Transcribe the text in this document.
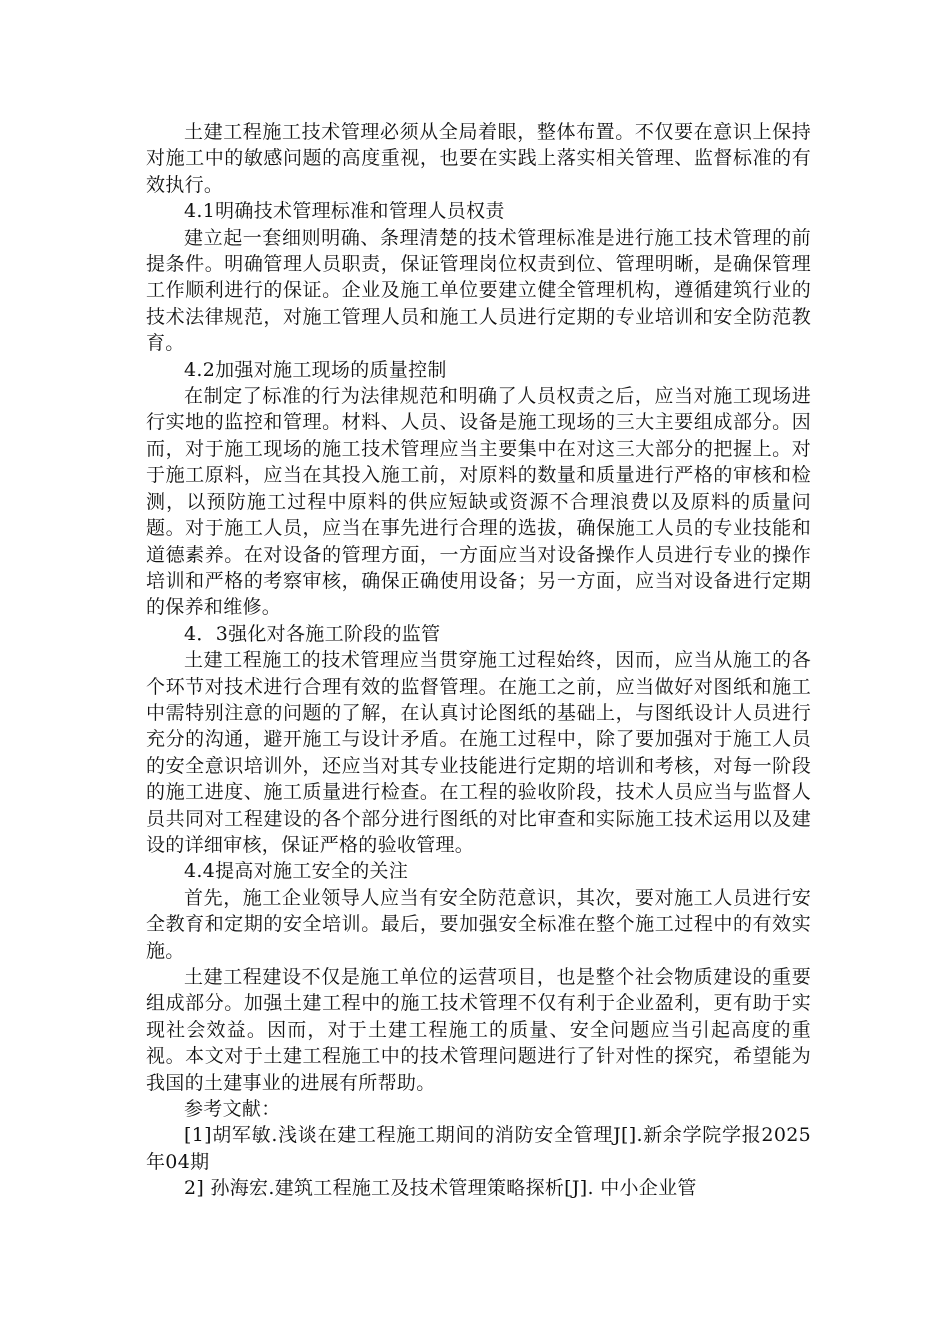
土建工程施工技术管理必须从全局着眼，整体布置。不仅要在意识上保持对施工中的敏感问题的高度重视，也要在实践上落实相关管理、监督标准的有效执行。

4.1明确技术管理标准和管理人员权责

建立起一套细则明确、条理清楚的技术管理标准是进行施工技术管理的前提条件。明确管理人员职责，保证管理岗位权责到位、管理明晰，是确保管理工作顺利进行的保证。企业及施工单位要建立健全管理机构，遵循建筑行业的技术法律规范，对施工管理人员和施工人员进行定期的专业培训和安全防范教育。

4.2加强对施工现场的质量控制

在制定了标准的行为法律规范和明确了人员权责之后，应当对施工现场进行实地的监控和管理。材料、人员、设备是施工现场的三大主要组成部分。因而，对于施工现场的施工技术管理应当主要集中在对这三大部分的把握上。对于施工原料，应当在其投入施工前，对原料的数量和质量进行严格的审核和检测，以预防施工过程中原料的供应短缺或资源不合理浪费以及原料的质量问题。对于施工人员，应当在事先进行合理的选拔，确保施工人员的专业技能和道德素养。在对设备的管理方面，一方面应当对设备操作人员进行专业的操作培训和严格的考察审核，确保正确使用设备；另一方面，应当对设备进行定期的保养和维修。

4．3强化对各施工阶段的监管

土建工程施工的技术管理应当贯穿施工过程始终，因而，应当从施工的各个环节对技术进行合理有效的监督管理。在施工之前，应当做好对图纸和施工中需特别注意的问题的了解，在认真讨论图纸的基础上，与图纸设计人员进行充分的沟通，避开施工与设计矛盾。在施工过程中，除了要加强对于施工人员的安全意识培训外，还应当对其专业技能进行定期的培训和考核，对每一阶段的施工进度、施工质量进行检查。在工程的验收阶段，技术人员应当与监督人员共同对工程建设的各个部分进行图纸的对比审查和实际施工技术运用以及建设的详细审核，保证严格的验收管理。

4.4提高对施工安全的关注

首先，施工企业领导人应当有安全防范意识，其次，要对施工人员进行安全教育和定期的安全培训。最后，要加强安全标准在整个施工过程中的有效实施。

土建工程建设不仅是施工单位的运营项目，也是整个社会物质建设的重要组成部分。加强土建工程中的施工技术管理不仅有利于企业盈利，更有助于实现社会效益。因而，对于土建工程施工的质量、安全问题应当引起高度的重视。本文对于土建工程施工中的技术管理问题进行了针对性的探究，希望能为我国的土建事业的进展有所帮助。

参考文献：

[1]胡军敏.浅谈在建工程施工期间的消防安全管理J[].新余学院学报2025年04期

2] 孙海宏.建筑工程施工及技术管理策略探析[J]. 中小企业管
